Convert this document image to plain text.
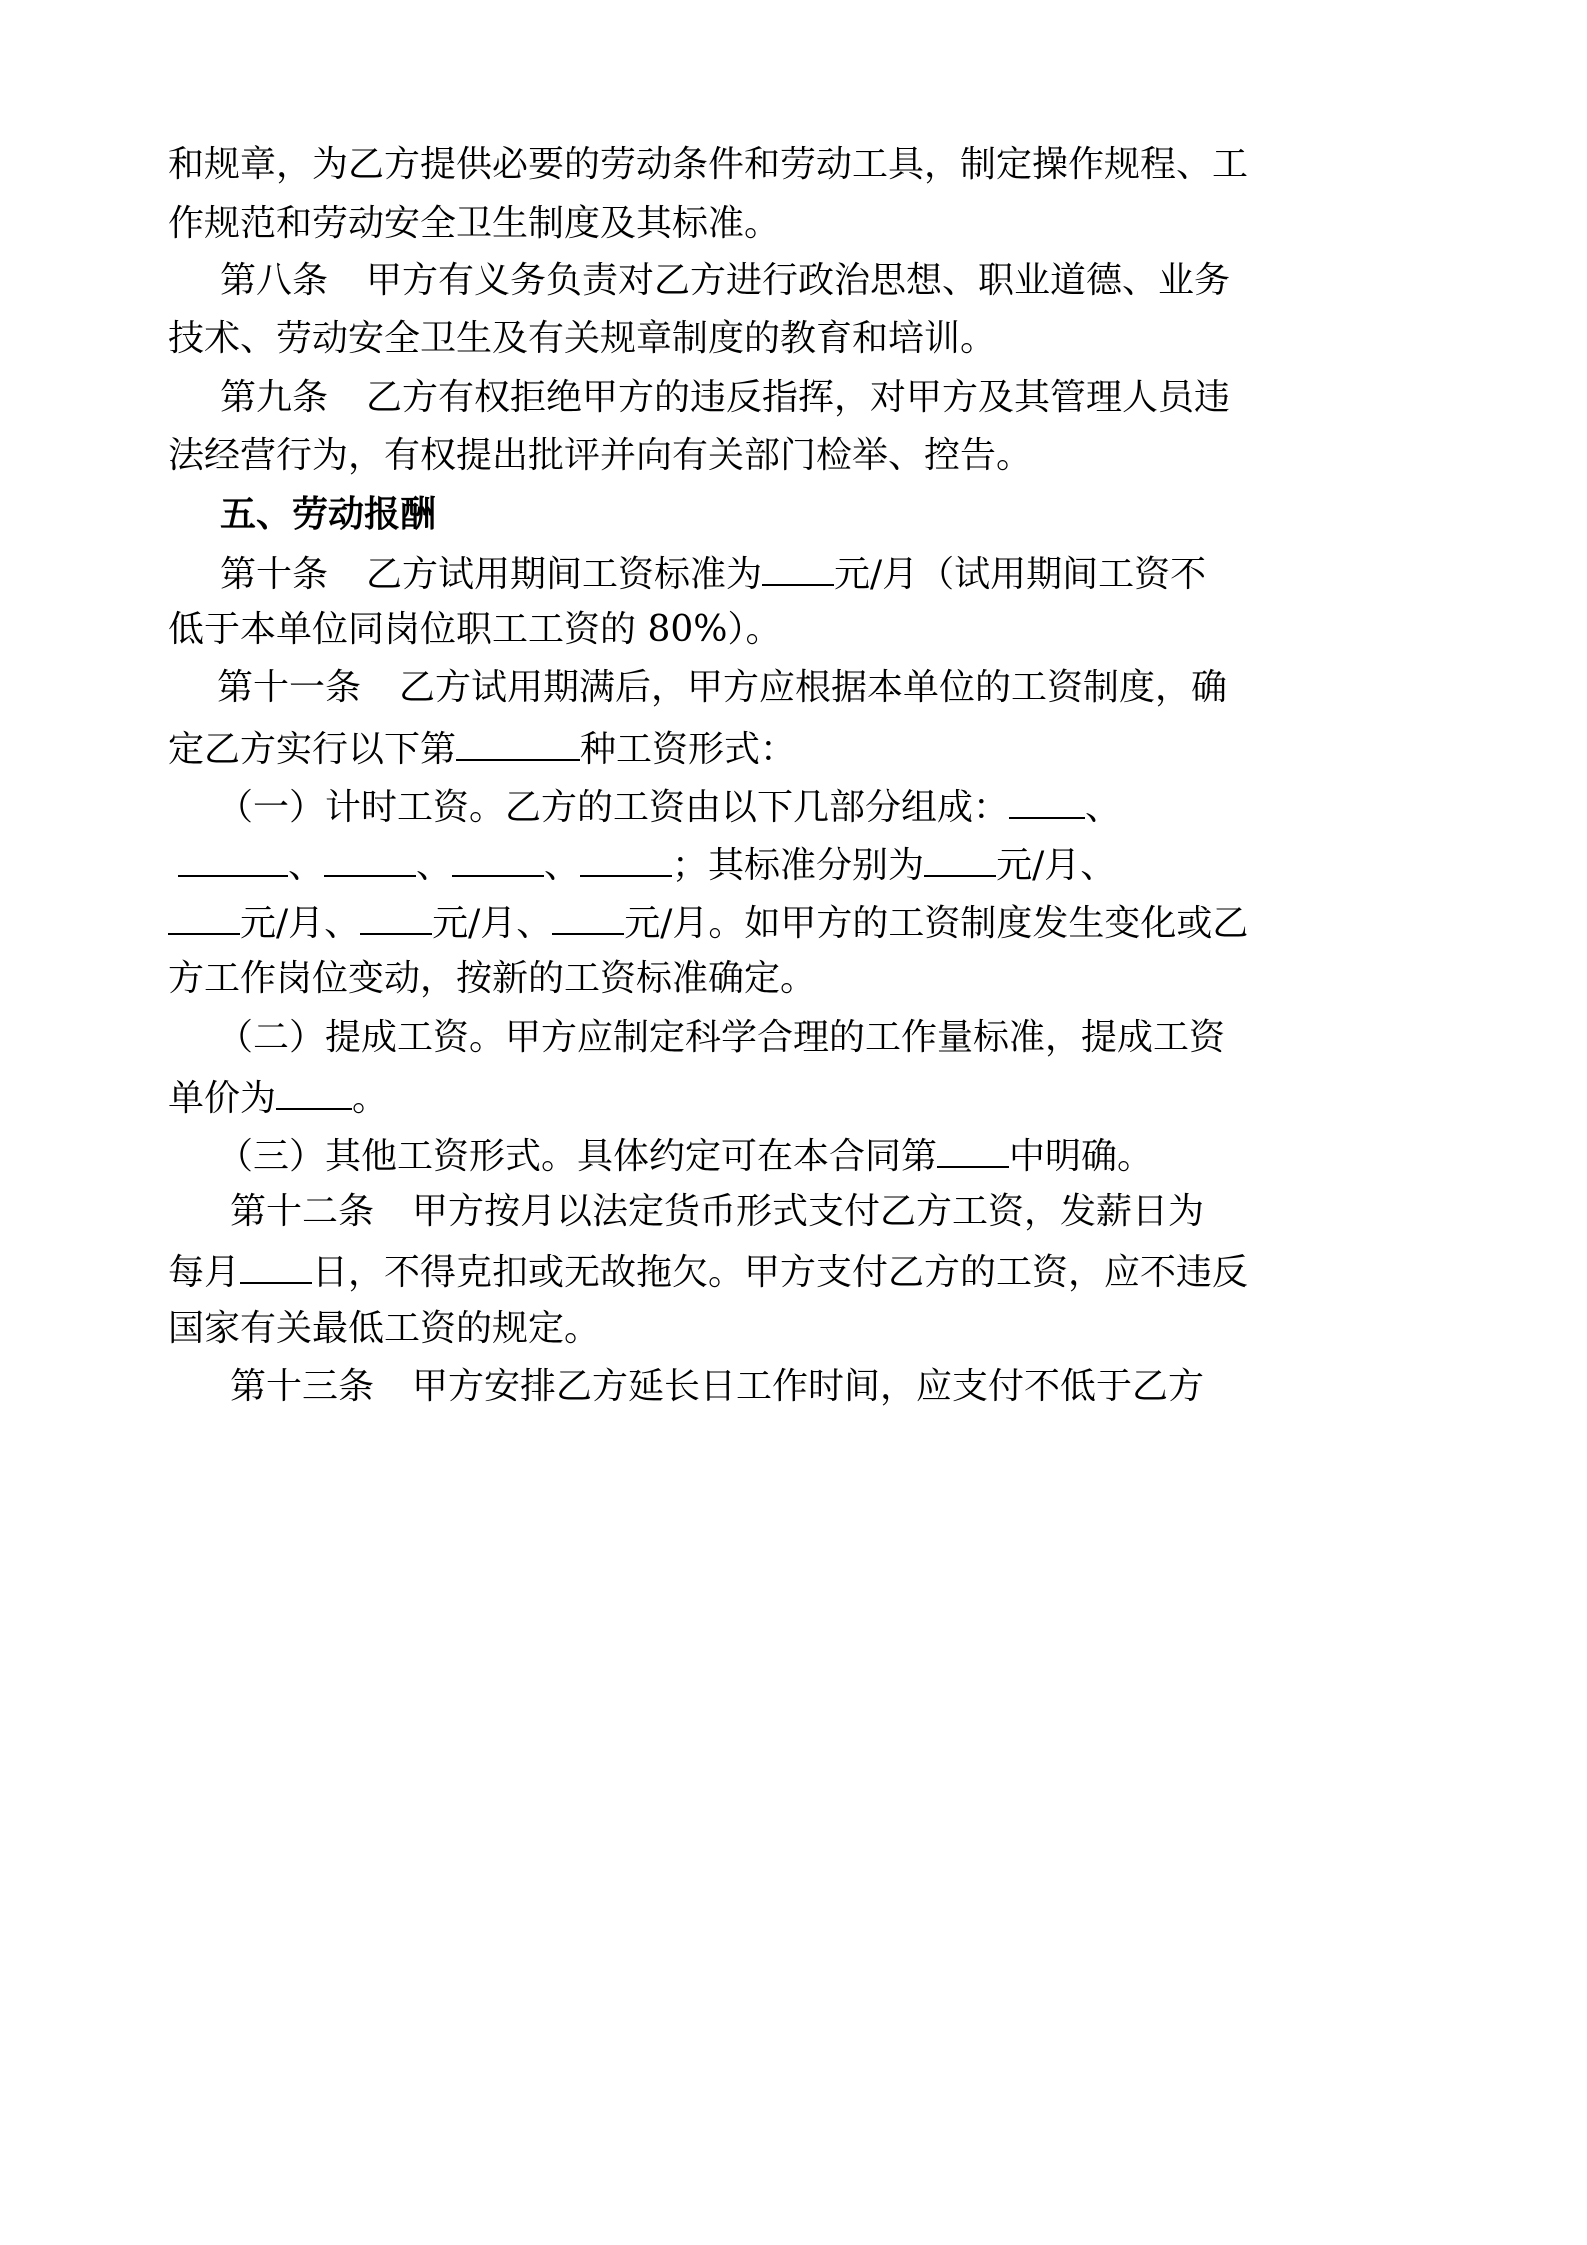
和规章，为乙方提供必要的劳动条件和劳动工具，制定操作规程、工
作规范和劳动安全卫生制度及其标准。
第八条 甲方有义务负责对乙方进行政治思想、职业道德、业务
技术、劳动安全卫生及有关规章制度的教育和培训。
第九条 乙方有权拒绝甲方的违反指挥，对甲方及其管理人员违
法经营行为，有权提出批评并向有关部门检举、控告。
五、劳动报酬
第十条 乙方试用期间工资标准为 元/月（试用期间工资不
低于本单位同岗位职工工资的 80%）。
第十一条 乙方试用期满后，甲方应根据本单位的工资制度，确
定乙方实行以下第	种工资形式：
（一）计时工资。乙方的工资由以下几部分组成： 、
、	、	、	；其标准分别为 元/月、
元/月、 元/月、 元/月。如甲方的工资制度发生变化或乙
方工作岗位变动，按新的工资标准确定。
（二）提成工资。甲方应制定科学合理的工作量标准，提成工资
单价为 。
（三）其他工资形式。具体约定可在本合同第 中明确。
第十二条 甲方按月以法定货币形式支付乙方工资，发薪日为
每月 日，不得克扣或无故拖欠。甲方支付乙方的工资，应不违反
国家有关最低工资的规定。
第十三条 甲方安排乙方延长日工作时间，应支付不低于乙方
